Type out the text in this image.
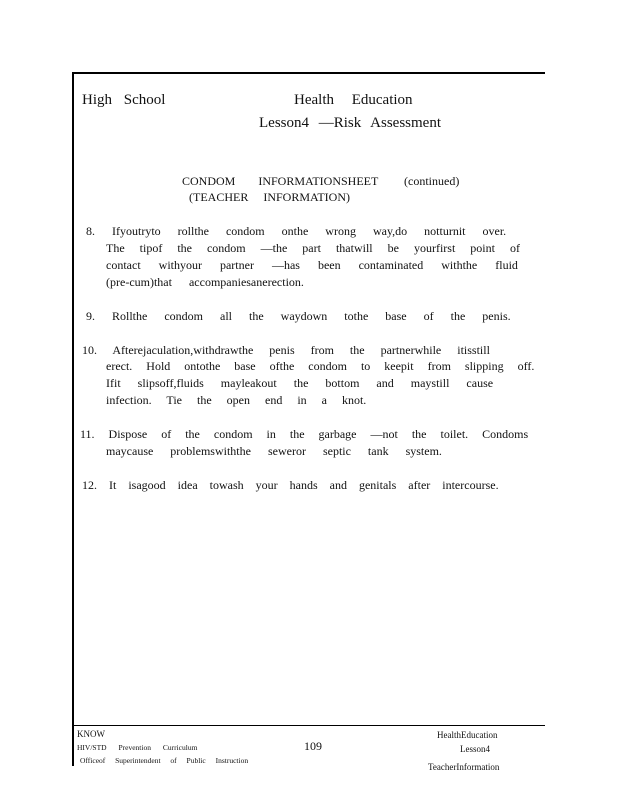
High School	Health Education
Lesson4 —Risk Assessment
CONDOM INFORMATIONSHEET (continued)
(TEACHER INFORMATION)
8. Ifyoutryto rollthe condom onthe wrong way,do notturnit over.
The tipof the condom —the part thatwill be yourfirst point of
contact withyour partner —has been contaminated withthe fluid
(pre-cum)that accompaniesanerection.
9. Rollthe condom all the waydown tothe base of the penis.
10. Afterejaculation,withdrawthe penis from the partnerwhile itisstill
erect. Hold ontothe base ofthe condom to keepit from slipping off.
Ifit slipsoff,fluids mayleakout the bottom and maystill cause
infection. Tie the open end in a knot.
11. Dispose of the condom in the garbage —not the toilet. Condoms
maycause problemswiththe seweror septic tank system.
12. It isagood idea towash your hands and genitals after intercourse.
KNOW
HIV/STD Prevention Curriculum
Officeof Superintendent of Public Instruction
109
HealthEducation
Lesson4
TeacherInformation
